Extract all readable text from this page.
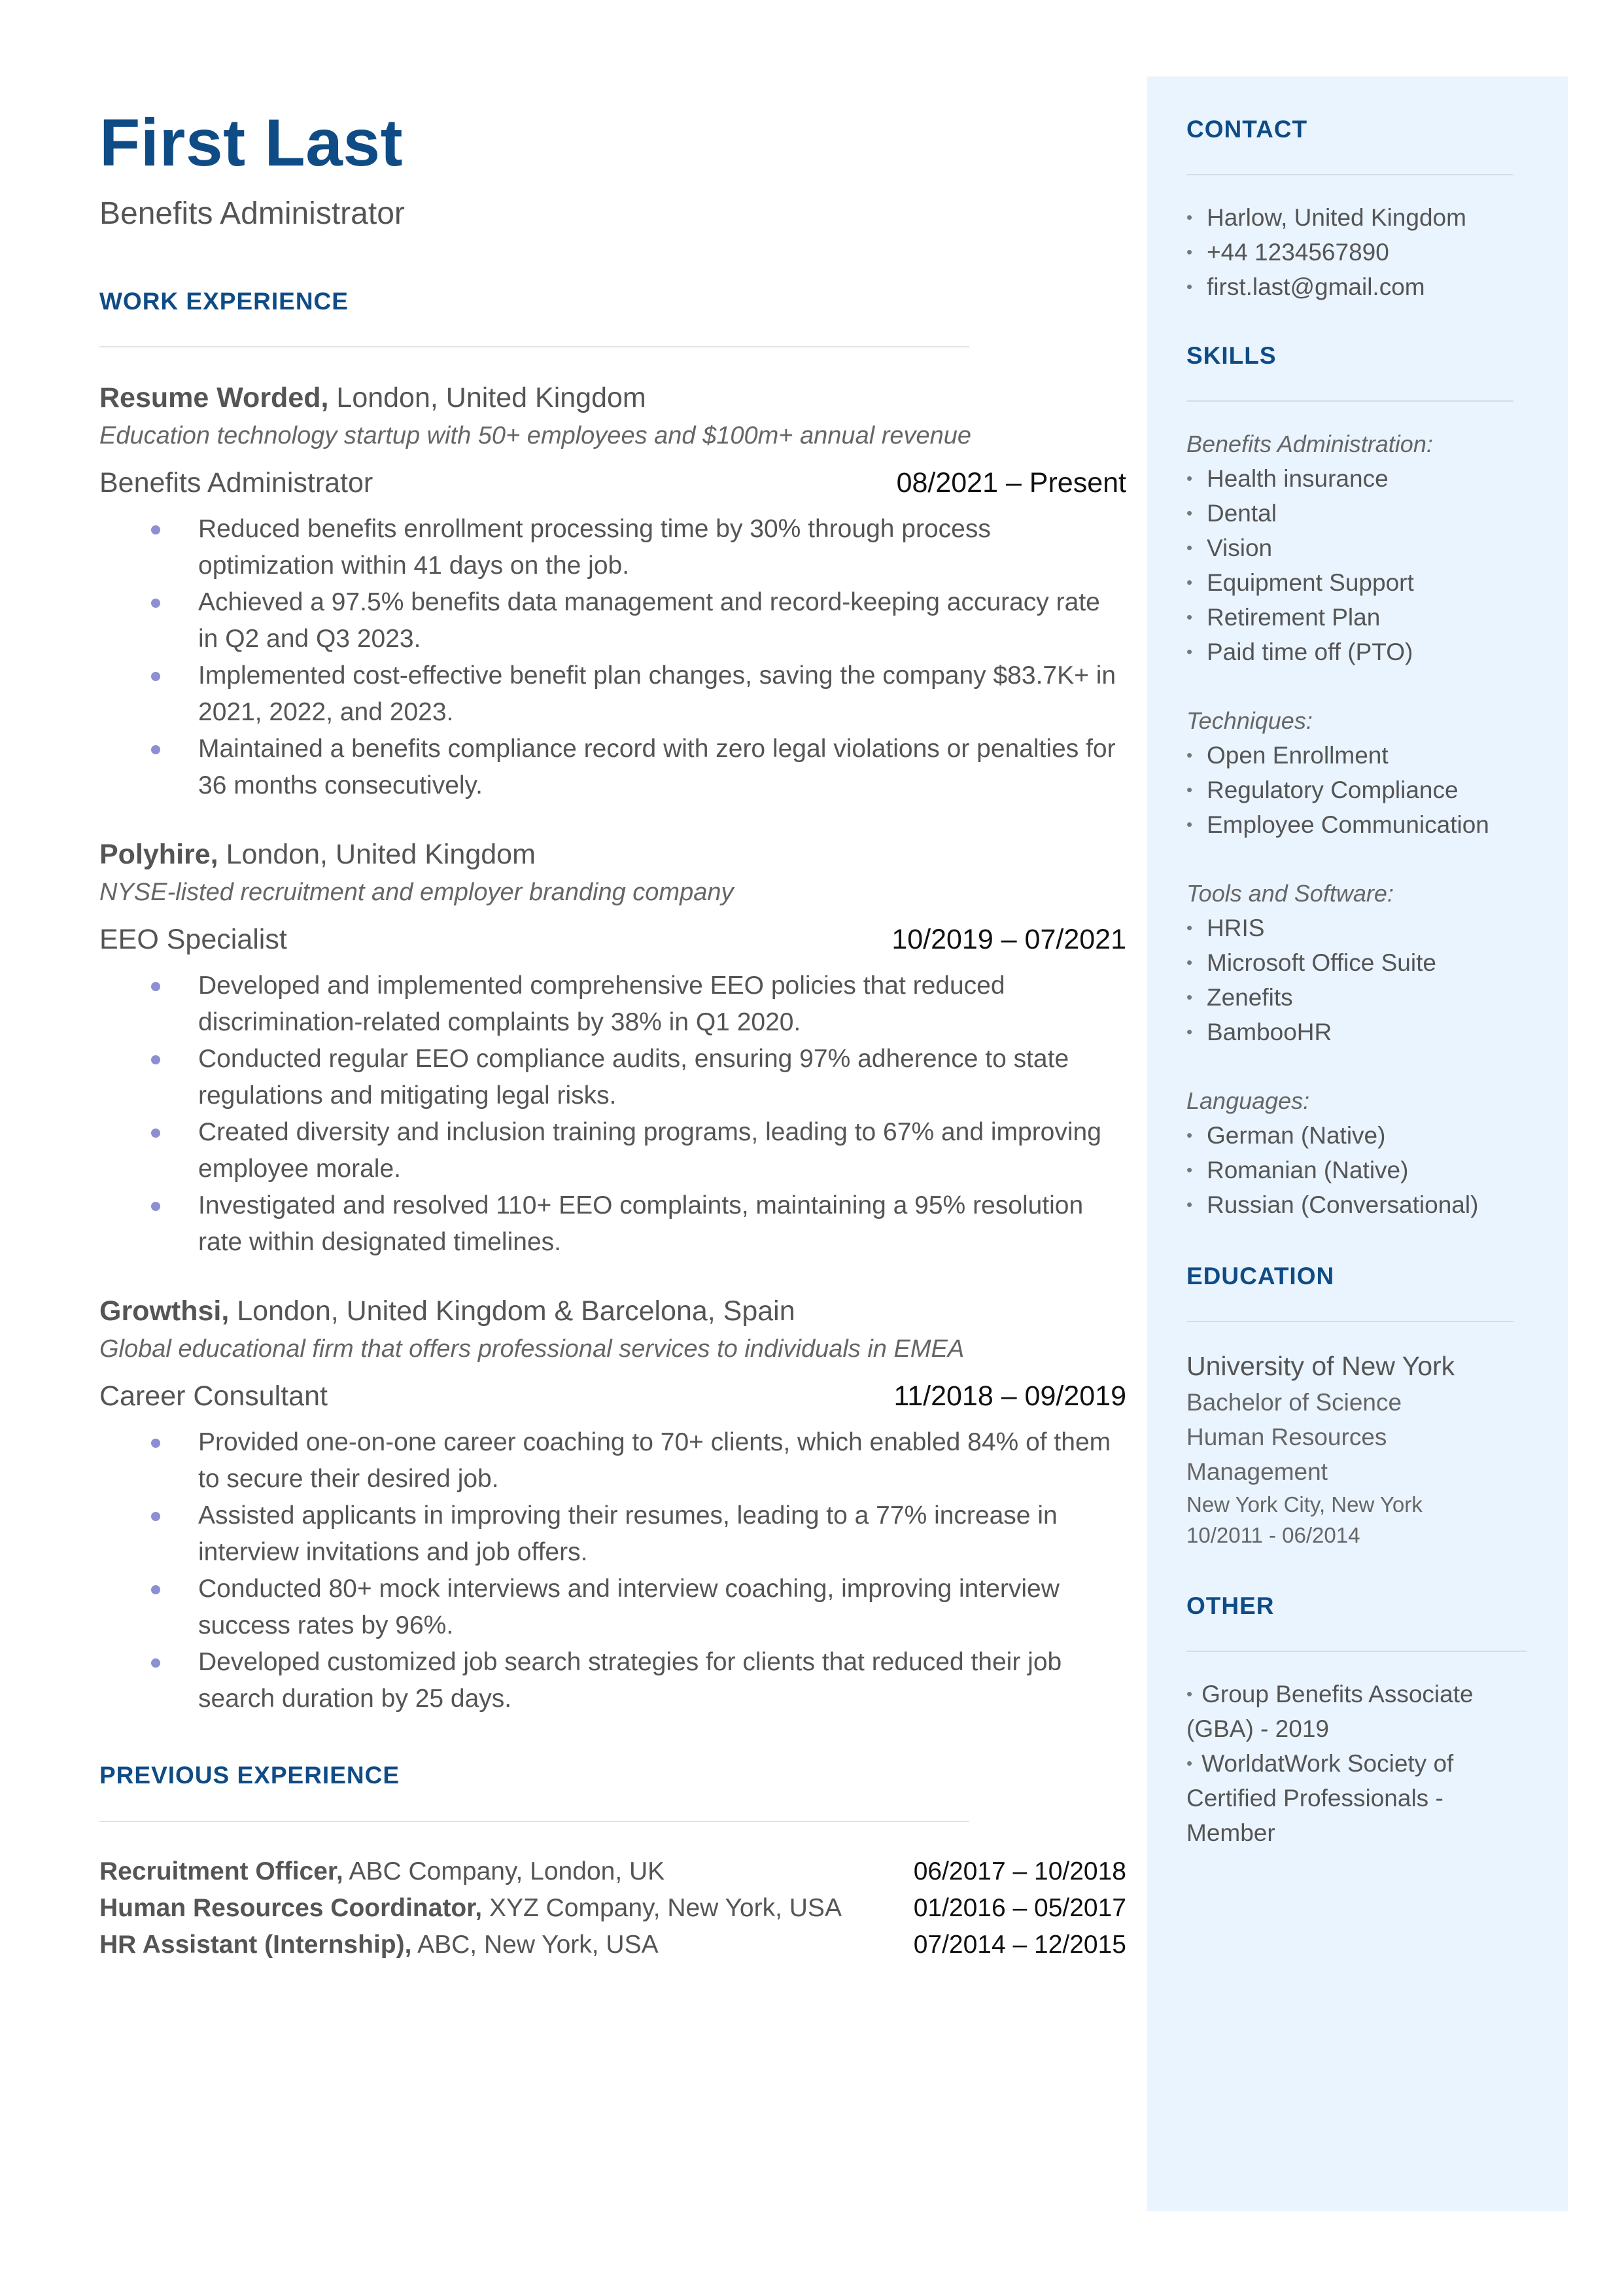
First Last
Benefits Administrator
WORK EXPERIENCE
Resume Worded, London, United Kingdom
Education technology startup with 50+ employees and $100m+ annual revenue
Benefits Administrator	08/2021 – Present
Reduced benefits enrollment processing time by 30% through process optimization within 41 days on the job.
Achieved a 97.5% benefits data management and record-keeping accuracy rate in Q2 and Q3 2023.
Implemented cost-effective benefit plan changes, saving the company $83.7K+ in 2021, 2022, and 2023.
Maintained a benefits compliance record with zero legal violations or penalties for 36 months consecutively.
Polyhire, London, United Kingdom
NYSE-listed recruitment and employer branding company
EEO Specialist	10/2019 – 07/2021
Developed and implemented comprehensive EEO policies that reduced discrimination-related complaints by 38% in Q1 2020.
Conducted regular EEO compliance audits, ensuring 97% adherence to state regulations and mitigating legal risks.
Created diversity and inclusion training programs, leading to 67% and improving employee morale.
Investigated and resolved 110+ EEO complaints, maintaining a 95% resolution rate within designated timelines.
Growthsi, London, United Kingdom & Barcelona, Spain
Global educational firm that offers professional services to individuals in EMEA
Career Consultant	11/2018 – 09/2019
Provided one-on-one career coaching to 70+ clients, which enabled 84% of them to secure their desired job.
Assisted applicants in improving their resumes, leading to a 77% increase in interview invitations and job offers.
Conducted 80+ mock interviews and interview coaching, improving interview success rates by 96%.
Developed customized job search strategies for clients that reduced their job search duration by 25 days.
PREVIOUS EXPERIENCE
Recruitment Officer, ABC Company, London, UK	06/2017 – 10/2018
Human Resources Coordinator, XYZ Company, New York, USA	01/2016 – 05/2017
HR Assistant (Internship), ABC, New York, USA	07/2014 – 12/2015
CONTACT
• Harlow, United Kingdom
• +44 1234567890
• first.last@gmail.com
SKILLS
Benefits Administration:
• Health insurance
• Dental
• Vision
• Equipment Support
• Retirement Plan
• Paid time off (PTO)
Techniques:
• Open Enrollment
• Regulatory Compliance
• Employee Communication
Tools and Software:
• HRIS
• Microsoft Office Suite
• Zenefits
• BambooHR
Languages:
• German (Native)
• Romanian (Native)
• Russian (Conversational)
EDUCATION
University of New York
Bachelor of Science
Human Resources
Management
New York City, New York
10/2011 - 06/2014
OTHER
• Group Benefits Associate (GBA) - 2019
• WorldatWork Society of Certified Professionals - Member
